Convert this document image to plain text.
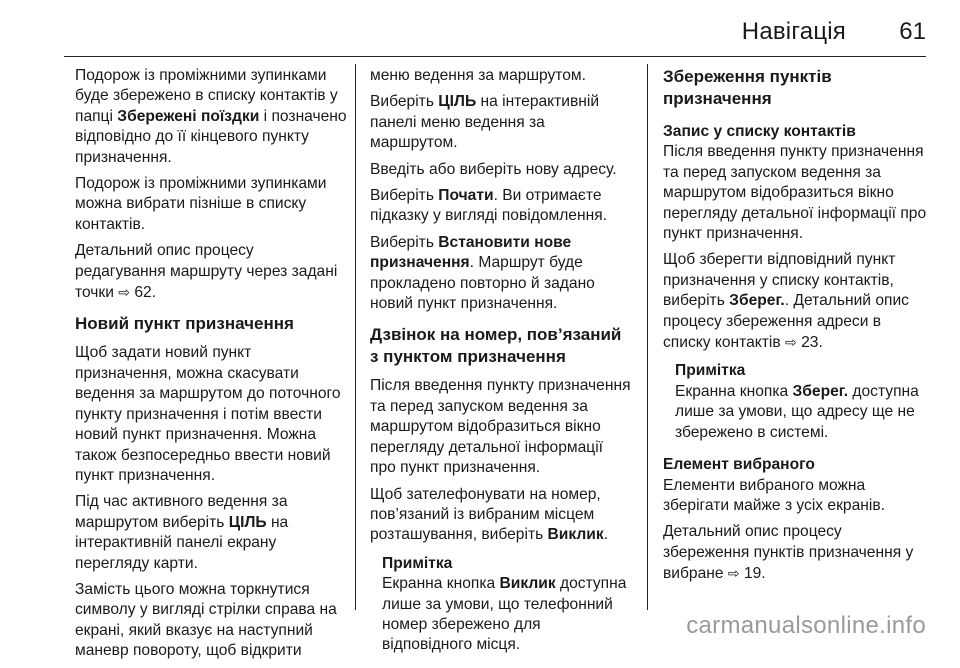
Навігація 61

Подорож із проміжними зупинками буде збережено в списку контактів у папці Збережені поїздки і позначено відповідно до її кінцевого пункту призначення.

Подорож із проміжними зупинками можна вибрати пізніше в списку контактів.

Детальний опис процесу редагування маршруту через задані точки ⇨ 62.

Новий пункт призначення

Щоб задати новий пункт призначення, можна скасувати ведення за маршрутом до поточного пункту призначення і потім ввести новий пункт призначення. Можна також безпосередньо ввести новий пункт призначення.

Під час активного ведення за маршрутом виберіть ЦІЛЬ на інтерактивній панелі екрану перегляду карти.

Замість цього можна торкнутися символу у вигляді стрілки справа на екрані, який вказує на наступний маневр повороту, щоб відкрити

меню ведення за маршрутом.

Виберіть ЦІЛЬ на інтерактивній панелі меню ведення за маршрутом.

Введіть або виберіть нову адресу.

Виберіть Почати. Ви отримаєте підказку у вигляді повідомлення.

Виберіть Встановити нове призначення. Маршрут буде прокладено повторно й задано новий пункт призначення.

Дзвінок на номер, пов’язаний з пунктом призначення

Після введення пункту призначення та перед запуском ведення за маршрутом відобразиться вікно перегляду детальної інформації про пункт призначення.

Щоб зателефонувати на номер, пов’язаний із вибраним місцем розташування, виберіть Виклик.

Примітка
Екранна кнопка Виклик доступна лише за умови, що телефонний номер збережено для відповідного місця.
Збереження пунктів призначення
Запис у списку контактів

Після введення пункту призначення та перед запуском ведення за маршрутом відобразиться вікно перегляду детальної інформації про пункт призначення.

Щоб зберегти відповідний пункт призначення у списку контактів, виберіть Зберег.. Детальний опис процесу збереження адреси в списку контактів ⇨ 23.

Примітка
Екранна кнопка Зберег. доступна лише за умови, що адресу ще не збережено в системі.
Елемент вибраного

Елементи вибраного можна зберігати майже з усіх екранів.

Детальний опис процесу збереження пунктів призначення у вибране ⇨ 19.

carmanualsonline.info
